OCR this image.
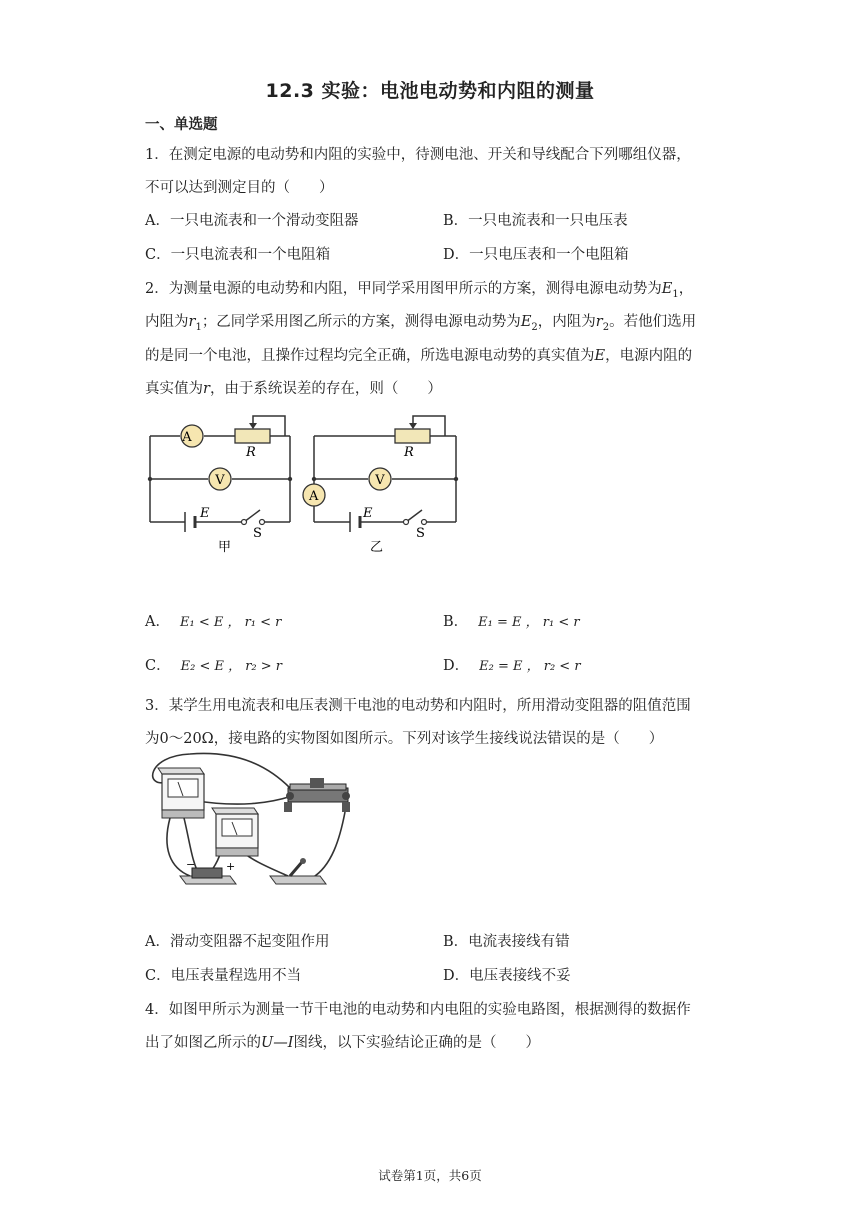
12.3 实验：电池电动势和内阻的测量
一、单选题
1．在测定电源的电动势和内阻的实验中，待测电池、开关和导线配合下列哪组仪器，
不可以达到测定目的（　　）
A．一只电流表和一个滑动变阻器	B．一只电流表和一只电压表
C．一只电流表和一个电阻箱	D．一只电压表和一个电阻箱
2．为测量电源的电动势和内阻，甲同学采用图甲所示的方案，测得电源电动势为$E_1$，
内阻为$r_1$；乙同学采用图乙所示的方案，测得电源电动势为$E_2$，内阻为$r_2$。若他们选用
的是同一个电池，且操作过程均完全正确，所选电源电动势的真实值为E，电源内阻的
真实值为r，由于系统误差的存在，则（　　）
A
V
R
E
S
甲
A
V
R
E
S
乙
A． E₁ < E ， r₁ < r	B． E₁ = E ， r₁ < r
C． E₂ < E ， r₂ > r	D． E₂ = E ， r₂ < r
3．某学生用电流表和电压表测干电池的电动势和内阻时，所用滑动变阻器的阻值范围
为0～20Ω，接电路的实物图如图所示。下列对该学生接线说法错误的是（　　）
−	+
A．滑动变阻器不起变阻作用	B．电流表接线有错
C．电压表量程选用不当	D．电压表接线不妥
4．如图甲所示为测量一节干电池的电动势和内电阻的实验电路图，根据测得的数据作
出了如图乙所示的U—I图线，以下实验结论正确的是（　　）
试卷第1页，共6页
